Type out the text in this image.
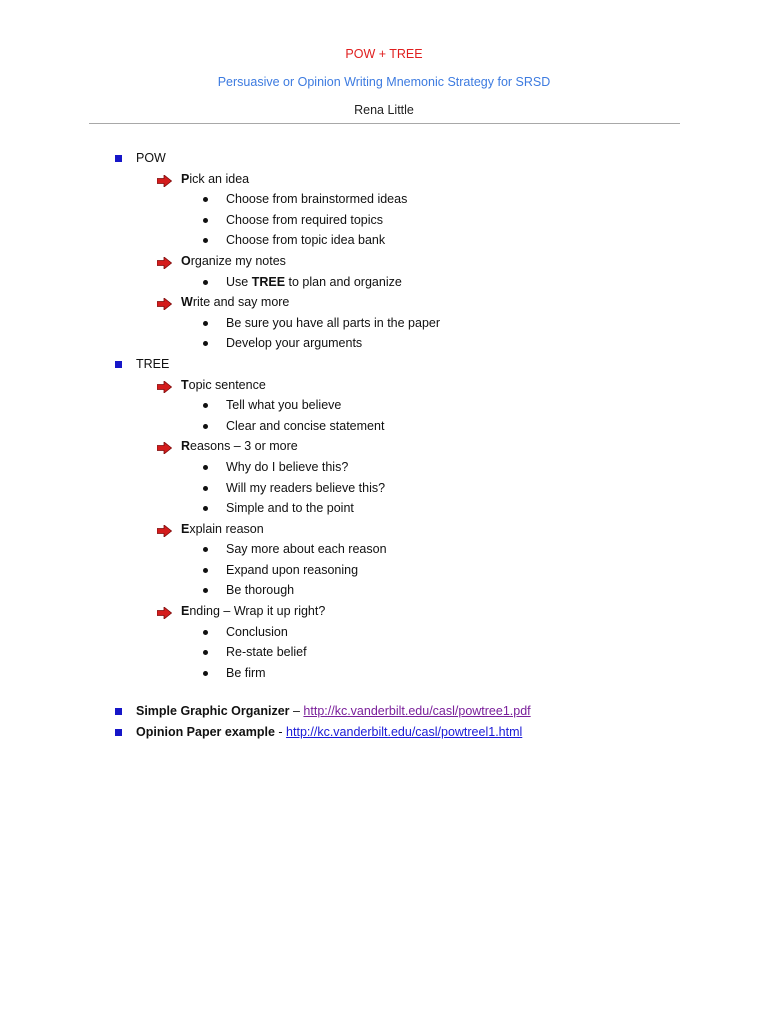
POW + TREE
Persuasive or Opinion Writing Mnemonic Strategy for SRSD
Rena Little
POW
Pick an idea
Choose from brainstormed ideas
Choose from required topics
Choose from topic idea bank
Organize my notes
Use TREE to plan and organize
Write and say more
Be sure you have all parts in the paper
Develop your arguments
TREE
Topic sentence
Tell what you believe
Clear and concise statement
Reasons – 3 or more
Why do I believe this?
Will my readers believe this?
Simple and to the point
Explain reason
Say more about each reason
Expand upon reasoning
Be thorough
Ending – Wrap it up right?
Conclusion
Re-state belief
Be firm
Simple Graphic Organizer – http://kc.vanderbilt.edu/casl/powtree1.pdf
Opinion Paper example - http://kc.vanderbilt.edu/casl/powtreel1.html
